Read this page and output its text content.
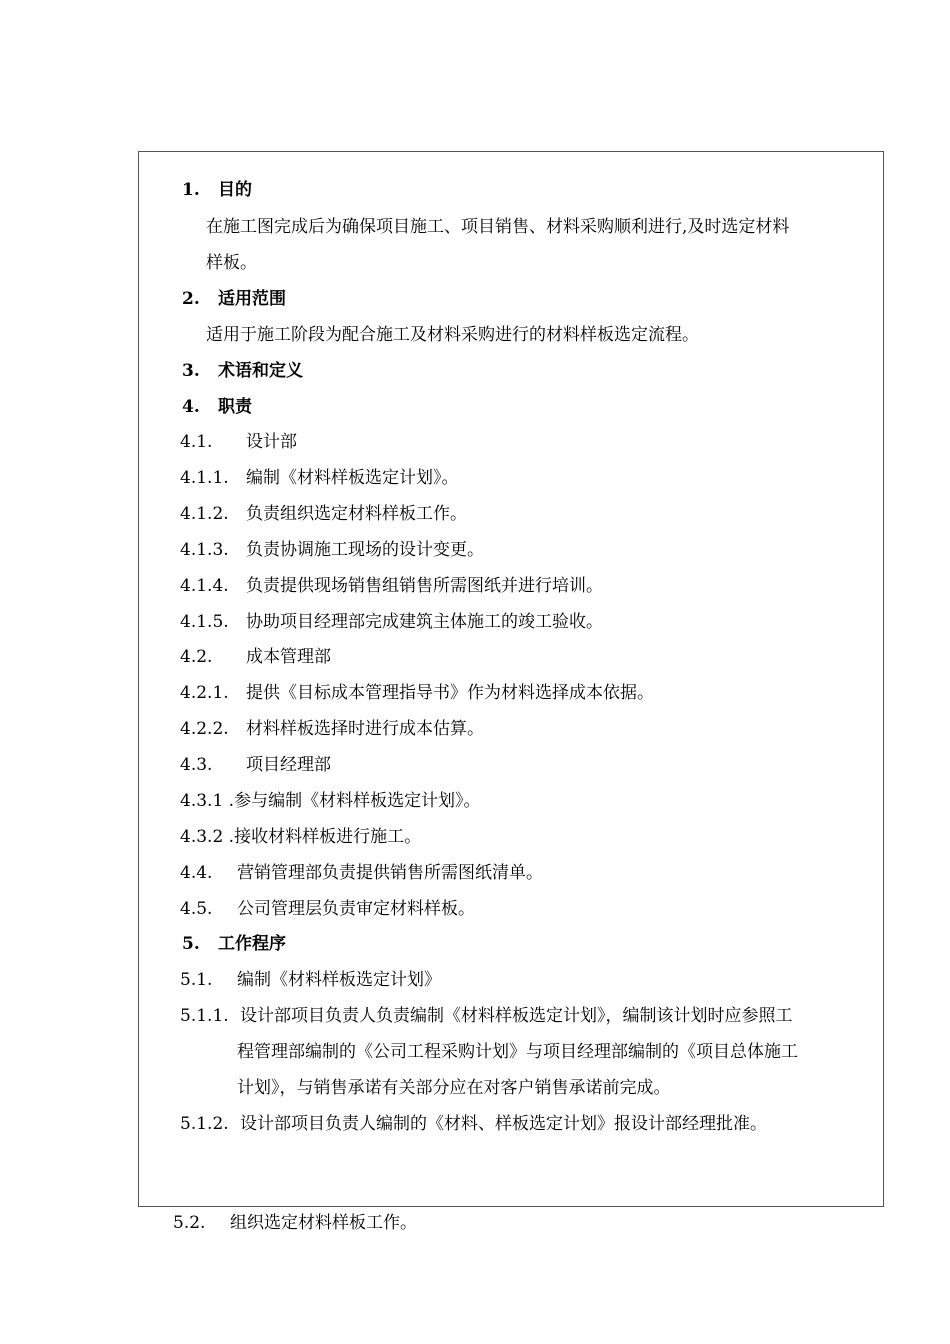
1. 目的
在施工图完成后为确保项目施工、项目销售、材料采购顺利进行,及时选定材料
样板。
2. 适用范围
适用于施工阶段为配合施工及材料采购进行的材料样板选定流程。
3. 术语和定义
4. 职责
4.1. 设计部
4.1.1. 编制《材料样板选定计划》。
4.1.2. 负责组织选定材料样板工作。
4.1.3. 负责协调施工现场的设计变更。
4.1.4. 负责提供现场销售组销售所需图纸并进行培训。
4.1.5. 协助项目经理部完成建筑主体施工的竣工验收。
4.2. 成本管理部
4.2.1. 提供《目标成本管理指导书》作为材料选择成本依据。
4.2.2. 材料样板选择时进行成本估算。
4.3. 项目经理部
4.3.1 .参与编制《材料样板选定计划》。
4.3.2 .接收材料样板进行施工。
4.4. 营销管理部负责提供销售所需图纸清单。
4.5. 公司管理层负责审定材料样板。
5. 工作程序
5.1. 编制《材料样板选定计划》
5.1.1. 设计部项目负责人负责编制《材料样板选定计划》，编制该计划时应参照工
程管理部编制的《公司工程采购计划》与项目经理部编制的《项目总体施工
计划》，与销售承诺有关部分应在对客户销售承诺前完成。
5.1.2. 设计部项目负责人编制的《材料、样板选定计划》报设计部经理批准。
5.2. 组织选定材料样板工作。
